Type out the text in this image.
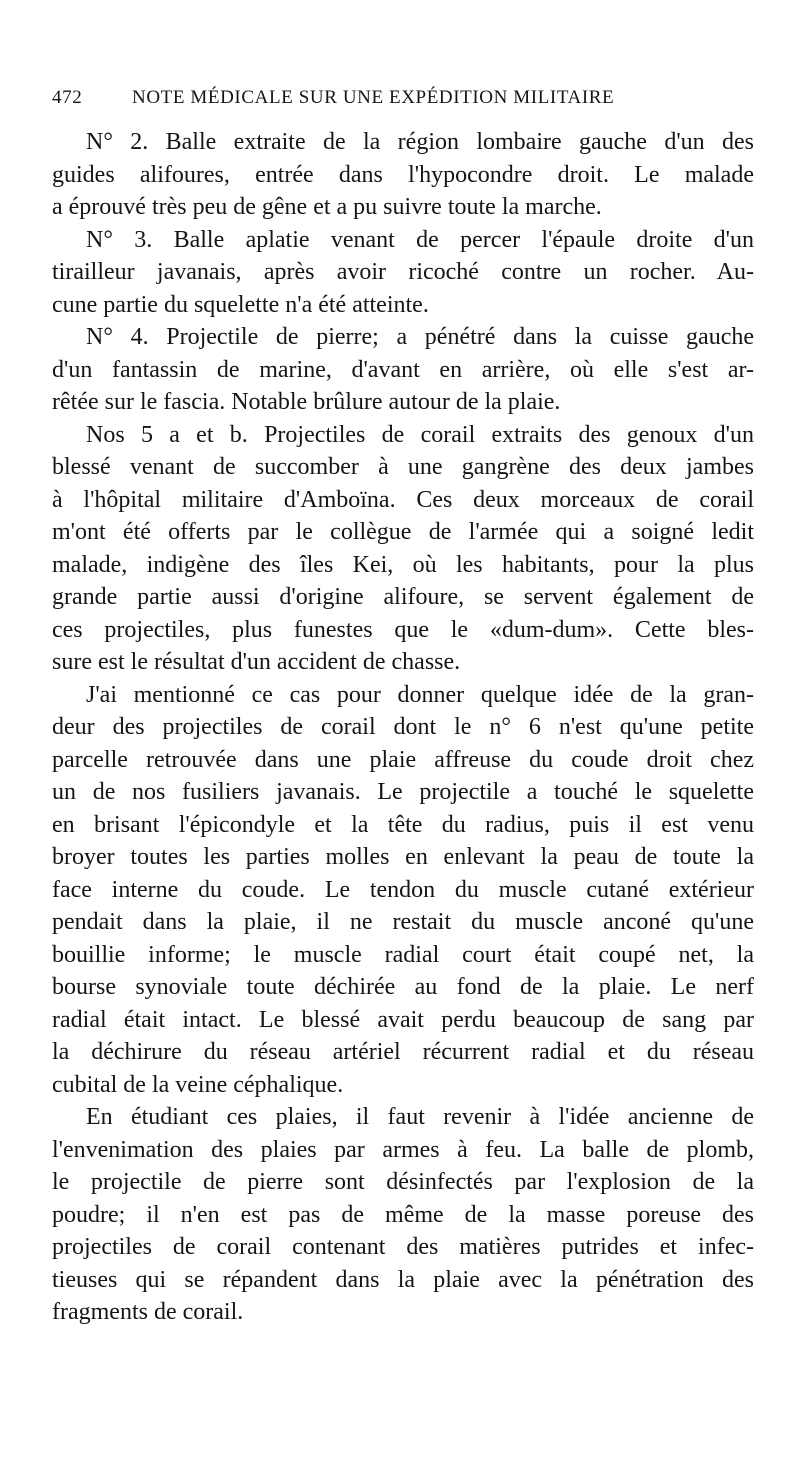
472	NOTE MÉDICALE SUR UNE EXPÉDITION MILITAIRE

N° 2. Balle extraite de la région lombaire gauche d'un des
guides alifoures, entrée dans l'hypocondre droit. Le malade
a éprouvé très peu de gêne et a pu suivre toute la marche.

N° 3. Balle aplatie venant de percer l'épaule droite d'un
tirailleur javanais, après avoir ricoché contre un rocher. Au-
cune partie du squelette n'a été atteinte.

N° 4. Projectile de pierre; a pénétré dans la cuisse gauche
d'un fantassin de marine, d'avant en arrière, où elle s'est ar-
rêtée sur le fascia. Notable brûlure autour de la plaie.

Nos 5 a et b. Projectiles de corail extraits des genoux d'un
blessé venant de succomber à une gangrène des deux jambes
à l'hôpital militaire d'Amboïna. Ces deux morceaux de corail
m'ont été offerts par le collègue de l'armée qui a soigné ledit
malade, indigène des îles Kei, où les habitants, pour la plus
grande partie aussi d'origine alifoure, se servent également de
ces projectiles, plus funestes que le «dum-dum». Cette bles-
sure est le résultat d'un accident de chasse.

J'ai mentionné ce cas pour donner quelque idée de la gran-
deur des projectiles de corail dont le n° 6 n'est qu'une petite
parcelle retrouvée dans une plaie affreuse du coude droit chez
un de nos fusiliers javanais. Le projectile a touché le squelette
en brisant l'épicondyle et la tête du radius, puis il est venu
broyer toutes les parties molles en enlevant la peau de toute la
face interne du coude. Le tendon du muscle cutané extérieur
pendait dans la plaie, il ne restait du muscle anconé qu'une
bouillie informe; le muscle radial court était coupé net, la
bourse synoviale toute déchirée au fond de la plaie. Le nerf
radial était intact. Le blessé avait perdu beaucoup de sang par
la déchirure du réseau artériel récurrent radial et du réseau
cubital de la veine céphalique.

En étudiant ces plaies, il faut revenir à l'idée ancienne de
l'envenimation des plaies par armes à feu. La balle de plomb,
le projectile de pierre sont désinfectés par l'explosion de la
poudre; il n'en est pas de même de la masse poreuse des
projectiles de corail contenant des matières putrides et infec-
tieuses qui se répandent dans la plaie avec la pénétration des
fragments de corail.
